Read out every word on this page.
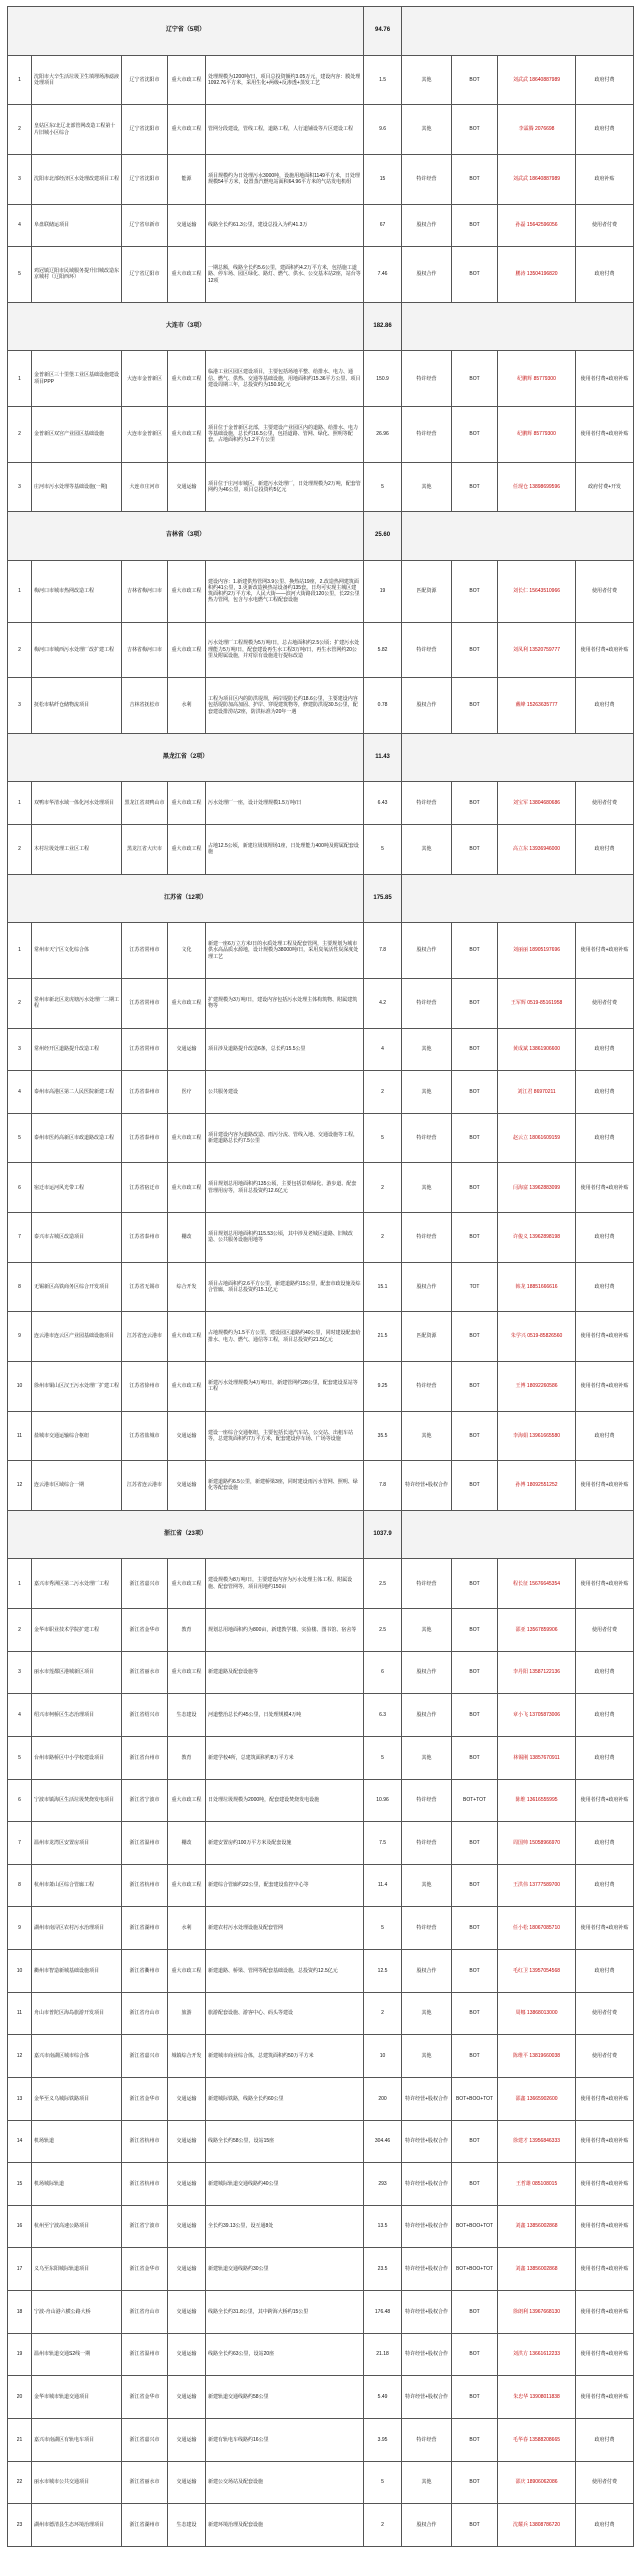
辽宁省（5项）					94.76				
1	沈阳市大辛生活垃圾卫生填埋场渗滤液处理项目	辽宁省沈阳市	重大市政工程	处理规模为1200吨/日，项目总投资额约3.05万元，建设内容：膜处理1092.76平方米，采用生化+两级+反渗透+蒸发工艺	1.5	其他	BOT	刘武武 18640887989	政府付费
2	皇姑区东/北辽北部管网改造工程第十片旧城小区综合	辽宁省沈阳市	重大市政工程	管网分段建设，管线工程，道路工程，人行道铺设等片区建设工程	9.6	其他	BOT	李霖腾 2076698	政府付费
3	沈阳市北部经济区水处理改建项目工程	辽宁省沈阳市	能源	项目规模约为日处理污水3000吨，设施用地面积1149平方米，日处理规模54平方米，设置蒸汽燃电站面积64.96平方米的气站发电机组	15	特许经营	BOT	刘武武 18640887989	政府补贴
4	阜盘联储运项目	辽宁省阜新市	交通运输	线路全长约61.3公里，建设总投入为约41.3万	67	股权合作	BOT	孙磊 15642596056	使用者付费
5	鸡冠镇辽阳市民域服务提升旧城改造东京城村（辽阳西环）	辽宁省辽阳市	重大市政工程	一期总额，线路全长约5.6公里，建面积约4.2万平方米，包括施工道路、停车场、园区绿化、路灯、燃气、供水、公交基本站2座，站台等12项	7.46	股权合作	BOT	鹏涛 13504196820	政府付费
大连市（3项）					182.86				
1	金普新区三十里堡工业区基础设施建设项目PPP	大连市金普新区	重大市政工程	临港工业区园区建设项目，主要包括场地平整、给排水、电力、通信、燃气、供热、交通等基础设施，用地面积约15.36平方公里、项目建设周期三年，总投资约为150.9亿元	150.9	特许经营	BOT	纪鹏辉 85779300	使用者付费+政府补贴
2	金普新区双宫产业园区基础设施	大连市金普新区	重大市政工程	项目位于金普新区北部，主要建设产业园区内的道路、给排水、电力等基础设施，总长约16.5公里，包括道路、管网、绿化、照明等配套，占地面积约为1.2平方公里	26.96	特许经营	BOT	纪鹏辉 85779300	使用者付费+政府补贴
3	庄河市污水处理等基础设施(一期)	大连市庄河市	交通运输	项目位于庄河市城区，新建污水处理厂，日处理规模为2万吨，配套管网约为46公里，项目总投资约5亿元	5	其他	BOT	任现仓 13898699596	政府付费+开发
吉林省（3项）					25.60				
1	梅河口市城市热网改造工程	吉林省梅河口市	重大市政工程	建设内容：1.新建供热管网3.9公里、换热站19座，2.改造热网建筑面积约41公里，3.更新改造换热站设备约135套。日均可实现主城区建筑面积约2万平方米，人民大街——滨河大街路段120公里，长22公里热力管网，包含与水电燃气工程配套设施	19	匹配资源	BOT	刘长仁 15643510966	使用者付费
2	梅河口市城西污水处理厂改扩建工程	吉林省梅河口市	重大市政工程	污水处理厂工程规模为5万吨/日，总占地面积约2.5公顷；扩建污水处理能力5万吨/日，配套建设再生水工程3万吨/日，再生水管网约20公里及附属设施，并对原有设施进行提标改造	5.82	特许经营	BOT	刘凤利 13520759777	使用者付费+政府补贴
3	抚松市粘纤仓储物流项目	吉林省抚松市	水利	工程为项目区内的防洪堤坝，两岸堤防长约18.6公里，主要建设内容包括堤防加高加固、护岸、穿堤建筑物等，修建防洪堤30.5公里，配套建设排涝站2座，防洪标准为20年一遇	0.78	股权合作	BOT	戴峰 15263635777	政府付费
黑龙江省（2项）					11.43				
1	双鸭市华清水域一体化河水处理项目	黑龙江省双鸭山市	重大市政工程	污水处理厂一座，设计处理规模1.5万吨/日	6.43	特许经营	BOT	刘宝军 13804680686	使用者付费
2	木村垃圾处理工业区工程	黑龙江省大庆市	重大市政工程	占地12.5公顷，新建垃圾填埋场1座，日处理能力400吨及附属配套设施	5	其他	BOT	高立东 13936946000	政府付费
江苏省（12项）					175.85				
1	常州市天宁区文化综合体	江苏省常州市	文化	新建一座6万立方米/日的水质处理工程及配套管网，主要规划为城市供水高品质水源地，设计规模为38000吨/日，采用臭氧活性炭深度处理工艺	7.8	股权合作	BOT	刘丽丽 18905197696	使用者付费+政府补贴
2	常州市新北区龙虎塘污水处理厂二期工程	江苏省常州市	重大市政工程	扩建规模为3万吨/日，建设内容包括污水处理主体构筑物、附属建筑物等	4.2	特许经营	BOT	王军辉 0519-85161958	使用者付费
3	常州经开区道路提升改造工程	江苏省常州市	交通运输	项目涉及道路提升改造6条，总长约15.5公里	4	其他	BOT	黄成斌 13861906600	政府付费
4	泰州市高港区第二人民医院新建工程	江苏省泰州市	医疗	公共服务建设	2	其他	BOT	刘江君 86970211	政府付费
5	泰州市医药高新区市政道路改造工程	江苏省泰州市	重大市政工程	项目建设内容为道路改造、雨污分流、管线入地、交通设施等工程，新建道路总长约7.5公里	5	特许经营	BOT	赵云立 18061609159	政府付费
6	宿迁市运河风光带工程	江苏省宿迁市	重大市政工程	项目规划总用地面积约135公顷，主要包括景观绿化、游步道、配套管理用房等，项目总投资约12.6亿元	2	其他	BOT	闫海富 13962883099	使用者付费+政府补贴
7	泰兴市古城区改造项目	江苏省泰州市	棚改	项目规划总用地面积约115.53公顷，其中涉及老城区道路、旧城改造、公共服务设施用地等	2	特许经营	BOT	许俊义 13962898198	政府付费
8	无锡新区高铁商务区综合开发项目	江苏省无锡市	综合开发	项目占地面积约2.6平方公里，新建道路约15公里，配套市政设施及综合管廊，项目总投资约15.1亿元	15.1	股权合作	TOT	韩龙 18851666616	政府付费
9	连云港市连云区产业园基础设施项目	江苏省连云港市	重大市政工程	占地规模约为1.5平方公里，建设园区道路约40公里，同时建设配套给排水、电力、燃气、通信等工程，项目总投资约21.5亿元	21.5	匹配资源	BOT	朱学兴 0519-85826560	使用者付费+政府补贴
10	徐州市铜山区汉王污水处理厂扩建工程	江苏省徐州市	重大市政工程	新建污水处理规模为4万吨/日，新建管网约28公里，配套建设泵站等工程	9.25	特许经营	BOT	王博 18092260586	使用者付费+政府补贴
11	盐城市交通运输综合枢纽	江苏省盐城市	交通运输	建设一座综合交通枢纽，主要包括长途汽车站、公交站、出租车站等，总建筑面积约7万平方米，配套建设停车场、广场等设施	35.5	其他	BOT	李海娟 13961665580	政府付费
12	连云港市区域综合一期	江苏省连云港市	交通运输	新建道路约6.5公里，新建桥梁3座，同时建设雨污水管网、照明、绿化等配套设施	7.8	特许经营+股权合作	BOT	孙博 18092551252	使用者付费+政府补贴
浙江省（23项）					1037.9				
1	嘉兴市秀洲区第二污水处理厂工程	浙江省嘉兴市	重大市政工程	建设规模为8万吨/日，主要建设内容为污水处理主体工程、附属设施、配套管网等，项目用地约150亩	2.5	特许经营	BOT	程长征 15676645354	使用者付费+政府补贴
2	金华市职业技术学院扩建工程	浙江省金华市	教育	规划总用地面积约为800亩，新建教学楼、实验楼、图书馆、宿舍等	2.5	其他	BOT	邵亚 13567859906	使用者付费
3	丽水市莲都区港城新区项目	浙江省丽水市	重大市政工程	新建道路及配套设施等	6	股权合作	BOT	李丹阳 13587122136	政府付费
4	绍兴市柯桥区生态治理项目	浙江省绍兴市	生态建设	河道整治总长约45公里，日处理规模4万吨	6.3	股权合作	BOT	章小飞 13705873006	政府付费
5	台州市路桥区中小学校建设项目	浙江省台州市	教育	新建学校4所，总建筑面积约8万平方米	5	其他	BOT	林锡刚 13857670911	政府付费
6	宁波市镇海区生活垃圾焚烧发电项目	浙江省宁波市	重大市政工程	日处理垃圾规模为2000吨，配套建设焚烧发电设施	10.96	特许经营	BOT+TOT	陈维 13616555995	使用者付费+政府补贴
7	温州市龙湾区安置房项目	浙江省温州市	棚改	新建安置房约100万平方米及配套设施	7.5	特许经营	BOT	周国帅 15058966970	政府付费
8	杭州市萧山区综合管廊工程	浙江省杭州市	重大市政工程	新建综合管廊约22公里，配套建设监控中心等	11.4	其他	BOT	王洪伟 13777589700	政府付费
9	湖州市南浔区农村污水治理项目	浙江省湖州市	水利	新建农村污水处理设施及配套管网	5	特许经营	BOT	任小松 18067085710	使用者付费+政府补贴
10	衢州市智造新城基础设施项目	浙江省衢州市	重大市政工程	新建道路、桥梁、管网等配套基础设施，总投资约12.5亿元	12.5	股权合作	BOT	毛红卫 13957054568	政府付费
11	舟山市普陀区海岛旅游开发项目	浙江省舟山市	旅游	旅游配套设施、游客中心、码头等建设	2	其他	BOT	周娜 13868013000	使用者付费
12	嘉兴市南湖区城市综合体	浙江省嘉兴市	城镇综合开发	新建城市商业综合体，总建筑面积约50万平方米	10	其他	BOT	陈维平 13819660038	使用者付费
13	金华至义乌城际铁路项目	浙江省金华市	交通运输	新建城际铁路，线路全长约60公里	200	特许经营+股权合作	BOT+BOO+TOT	邵鑫 13665902600	使用者付费+政府补贴
14	机场轨道	浙江省杭州市	交通运输	线路全长约58公里，设站15座	304.46	特许经营+股权合作	BOT	徐建才 13956846333	使用者付费+政府补贴
15	机场城际轨道	浙江省杭州市	交通运输	新建城际轨道交通线路约40公里	293	特许经营+股权合作	BOT	王哲雄 085108015	使用者付费+政府补贴
16	杭州至宁波高速公路项目	浙江省宁波市	交通运输	全长约39.13公里，设互通8处	13.5	特许经营+股权合作	BOT+BOO+TOT	刘鑫 13856002868	使用者付费+政府补贴
17	义乌至东阳城际轨道项目	浙江省金华市	交通运输	新建轨道交通线路约30公里	23.5	特许经营+股权合作	BOT+BOO+TOT	刘鑫 13856002868	使用者付费+政府补贴
18	宁波-舟山港六横公路大桥	浙江省舟山市	交通运输	线路全长约31.8公里，其中跨海大桥约15公里	176.48	特许经营+股权合作	BOT	徐朗利 13967668130	使用者付费+政府补贴
19	温州市轨道交通S2线一期	浙江省温州市	交通运输	线路全长约63公里，设站20座	21.18	特许经营+股权合作	BOT	刘洪方 13661612233	使用者付费+政府补贴
20	金华市城市轨道交通项目	浙江省金华市	交通运输	新建轨道交通线路约58公里	5.49	特许经营+股权合作	BOT	朱忠华 13908011838	使用者付费+政府补贴
21	嘉兴市南湖区有轨电车项目	浙江省嘉兴市	交通运输	新建有轨电车线路约16公里	3.95	特许经营	BOT	毛华春 13588208665	政府付费
22	丽水市城市公共交通项目	浙江省丽水市	交通运输	新建公交场站及配套设施	5	其他	BOT	邵庆 18906062086	使用者付费
23	湖州市德清县生态环境治理项目	浙江省湖州市	生态建设	新建环境治理及配套设施	2	股权合作	BOT	沈耀兵 13808786720	政府付费
